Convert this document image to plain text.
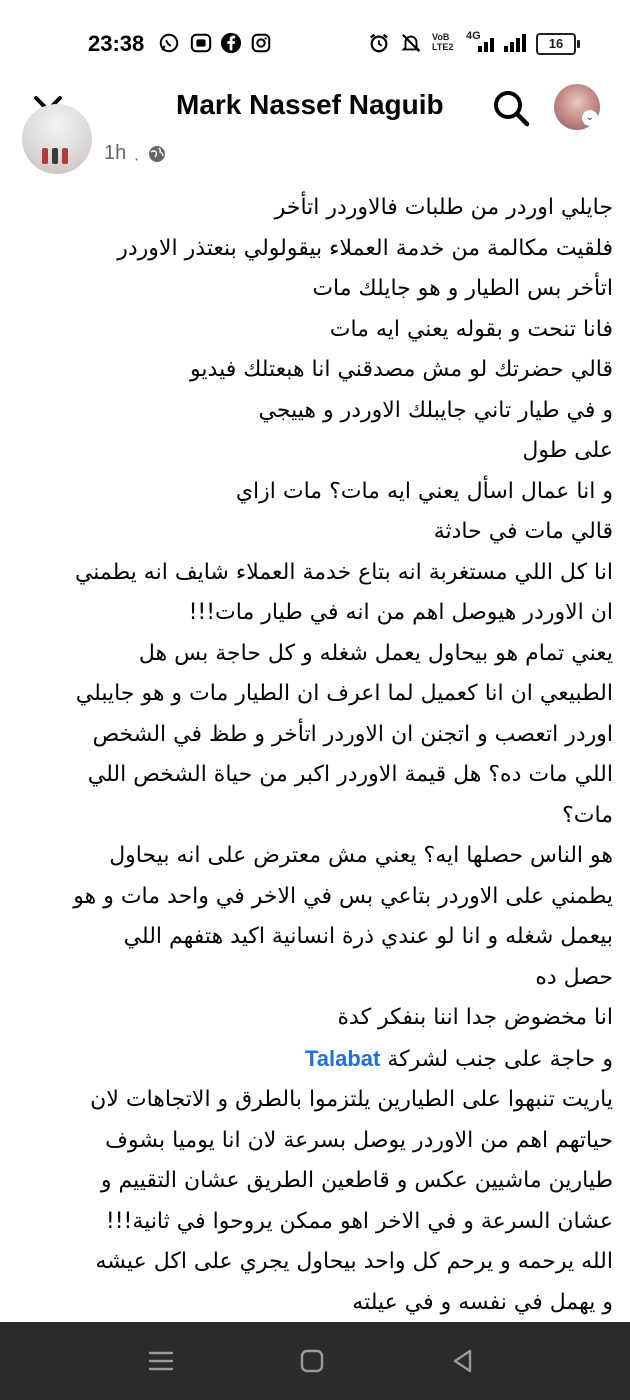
23:38	VoB
LTE2
4G	16
Mark Nassef Naguib	⌄
1h ·

جايلي اوردر من طلبات فالاوردر اتأخر

فلقيت مكالمة من خدمة العملاء بيقولولي بنعتذر الاوردر

اتأخر بس الطيار و هو جايلك مات

فانا تنحت و بقوله يعني ايه مات

قالي حضرتك لو مش مصدقني انا هبعتلك فيديو

و في طيار تاني جايبلك الاوردر و هييجي

على طول

و انا عمال اسأل يعني ايه مات؟ مات ازاي

قالي مات في حادثة

انا كل اللي مستغربة انه بتاع خدمة العملاء شايف انه يطمني

ان الاوردر هيوصل اهم من انه في طيار مات!!!

يعني تمام هو بيحاول يعمل شغله و كل حاجة بس هل

الطبيعي ان انا كعميل لما اعرف ان الطيار مات و هو جايبلي

اوردر اتعصب و اتجنن ان الاوردر اتأخر و طظ في الشخص

اللي مات ده؟ هل قيمة الاوردر اكبر من حياة الشخص اللي

مات؟

هو الناس حصلها ايه؟ يعني مش معترض على انه بيحاول

يطمني على الاوردر بتاعي بس في الاخر في واحد مات و هو

بيعمل شغله و انا لو عندي ذرة انسانية اكيد هتفهم اللي

حصل ده

انا مخضوض جدا اننا بنفكر كدة

و حاجة على جنب لشركة Talabat

ياريت تنبهوا على الطيارين يلتزموا بالطرق و الاتجاهات لان

حياتهم اهم من الاوردر يوصل بسرعة لان انا يوميا بشوف

طيارين ماشيين عكس و قاطعين الطريق عشان التقييم و

عشان السرعة و في الاخر اهو ممكن يروحوا في ثانية!!!

الله يرحمه و يرحم كل واحد بيحاول يجري على اكل عيشه

و يهمل في نفسه و في عيلته
